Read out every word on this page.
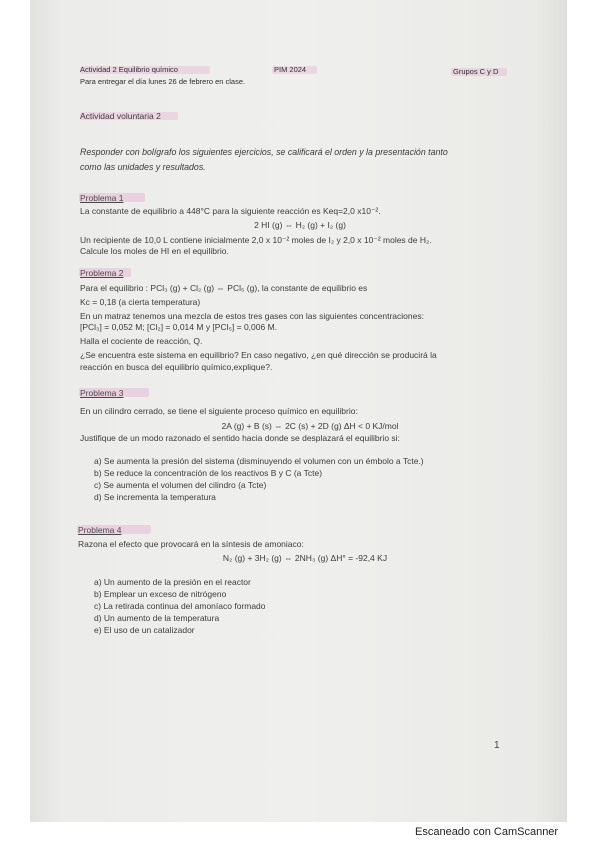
Actividad 2 Equilibrio químico	PIM 2024	Grupos C y D
Para entregar el día lunes 26 de febrero en clase.
Actividad voluntaria 2
Responder con bolígrafo los siguientes ejercicios, se calificará el orden y la presentación tanto
como las unidades y resultados.
Problema 1
La constante de equilibrio a 448°C para la siguiente reacción es Keq=2,0 x10⁻².
2 HI (g) ⇔ H₂ (g) + I₂ (g)
Un recipiente de 10,0 L contiene inicialmente 2,0 x 10⁻² moles de I₂ y 2,0 x 10⁻² moles de H₂.
Calcule los moles de HI en el equilibrio.
Problema 2
Para el equilibrio : PCl₃ (g) + Cl₂ (g) ⇔ PCl₅ (g), la constante de equilibrio es
Kc = 0,18 (a cierta temperatura)
En un matraz tenemos una mezcla de estos tres gases con las siguientes concentraciones:
[PCl₃] = 0,052 M; [Cl₂] = 0,014 M y [PCl₅] = 0,006 M.
Halla el cociente de reacción, Q.
¿Se encuentra este sistema en equilibrio? En caso negativo, ¿en qué dirección se producirá la
reacción en busca del equilibrio químico,explique?.
Problema 3
En un cilindro cerrado, se tiene el siguiente proceso químico en equilibrio:
2A (g) + B (s) ⇔ 2C (s) + 2D (g) ΔH < 0 KJ/mol
Justifique de un modo razonado el sentido hacia donde se desplazará el equilibrio si:
a) Se aumenta la presión del sistema (disminuyendo el volumen con un émbolo a Tcte.)
b) Se reduce la concentración de los reactivos B y C (a Tcte)
c) Se aumenta el volumen del cilindro (a Tcte)
d) Se incrementa la temperatura
Problema 4
Razona el efecto que provocará en la síntesis de amoniaco:
N₂ (g) + 3H₂ (g) ⇔ 2NH₃ (g) ΔH° = -92,4 KJ
a) Un aumento de la presión en el reactor
b) Emplear un exceso de nitrógeno
c) La retirada continua del amoníaco formado
d) Un aumento de la temperatura
e) El uso de un catalizador
1
Escaneado con CamScanner
